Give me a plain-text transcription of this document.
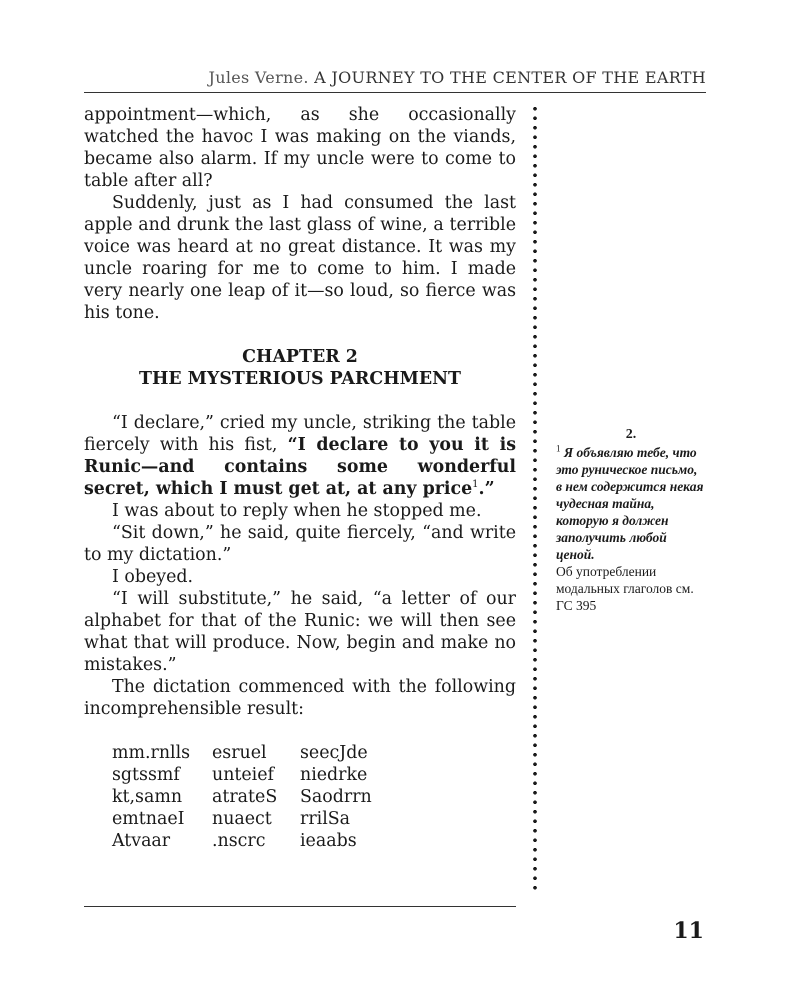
Jules Verne. A JOURNEY TO THE CENTER OF THE EARTH

appointment—which, as she occasionally watched the havoc I was making on the viands, became also alarm. If my uncle were to come to table after all?

Suddenly, just as I had consumed the last apple and drunk the last glass of wine, a terrible voice was heard at no great distance. It was my uncle roaring for me to come to him. I made very nearly one leap of it—so loud, so fierce was his tone.

CHAPTER 2
THE MYSTERIOUS PARCHMENT

“I declare,” cried my uncle, striking the table fiercely with his fist, “I declare to you it is Runic—and contains some wonderful secret, which I must get at, at any price$^1$.”

I was about to reply when he stopped me.

“Sit down,” he said, quite fiercely, “and write to my dictation.”

I obeyed.

“I will substitute,” he said, “a letter of our alphabet for that of the Runic: we will then see what that will produce. Now, begin and make no mistakes.”

The dictation commenced with the following incomprehensible result:

mm.rnlls	esruel	seecJde
sgtssmf	unteief	niedrke
kt,samn	atrateS	Saodrrn
emtnaeI	nuaect	rrilSa
Atvaar	.nscrc	ieaabs
2.
$^1$ Я объявляю тебе, что это руническое письмо, в нем содержится некая чудесная тайна, которую я должен заполучить любой ценой.
Об употреблении модальных глаголов см. ГС 395
11
